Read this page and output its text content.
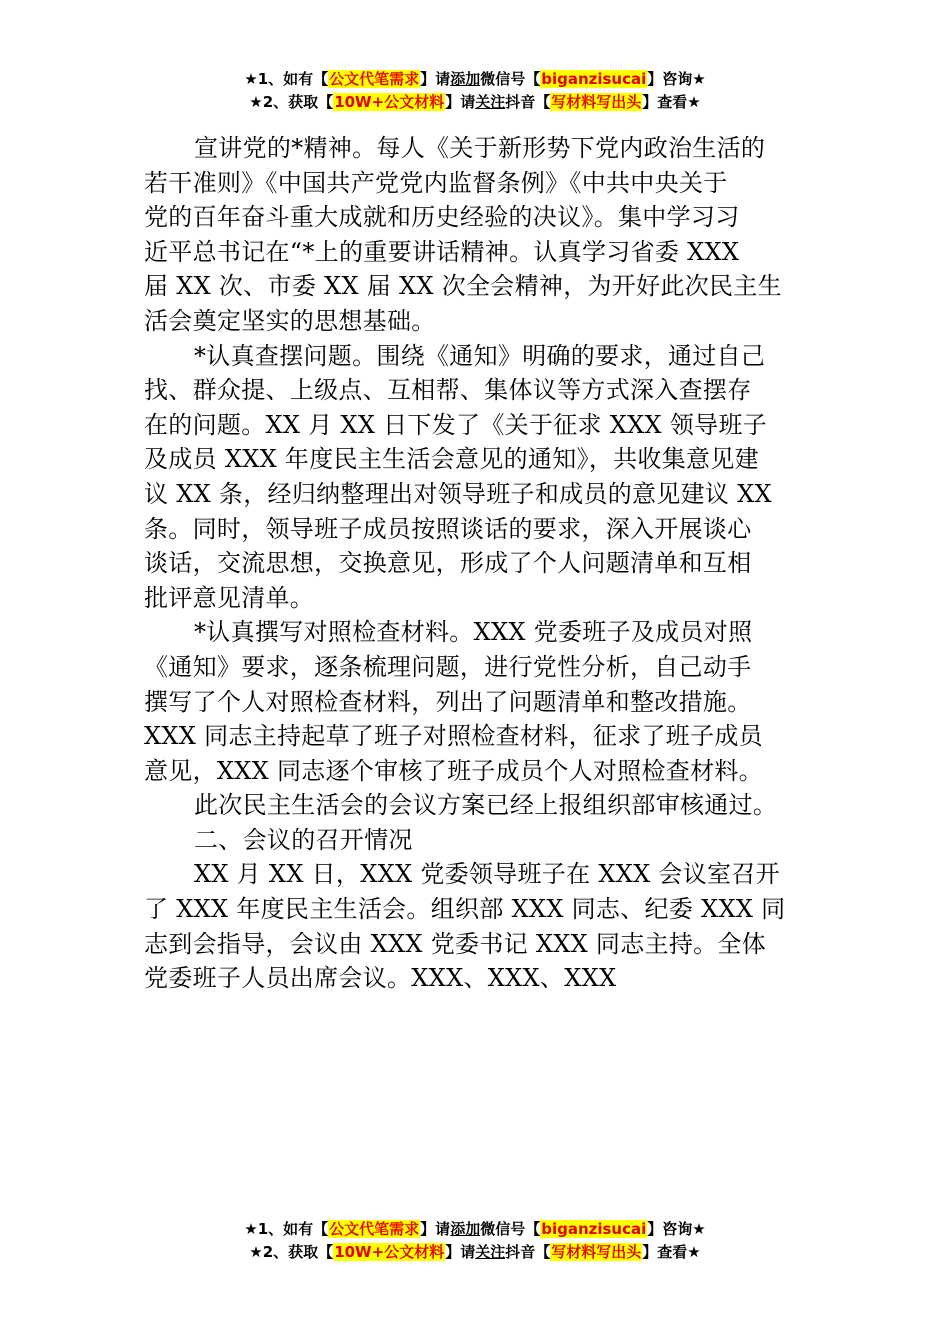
★1、如有【公文代笔需求】请添加微信号【biganzisucai】咨询★
★2、获取【10W+公文材料】请关注抖音【写材料写出头】查看★

宣讲党的*精神。每人《关于新形势下党内政治生活的

若干准则》《中国共产党党内监督条例》《中共中央关于

党的百年奋斗重大成就和历史经验的决议》。集中学习习

近平总书记在“*上的重要讲话精神。认真学习省委 XXX

届 XX 次、市委 XX 届 XX 次全会精神，为开好此次民主生

活会奠定坚实的思想基础。

*认真查摆问题。围绕《通知》明确的要求，通过自己

找、群众提、上级点、互相帮、集体议等方式深入查摆存

在的问题。XX 月 XX 日下发了《关于征求 XXX 领导班子

及成员 XXX 年度民主生活会意见的通知》，共收集意见建

议 XX 条，经归纳整理出对领导班子和成员的意见建议 XX

条。同时，领导班子成员按照谈话的要求，深入开展谈心

谈话，交流思想，交换意见，形成了个人问题清单和互相

批评意见清单。

*认真撰写对照检查材料。XXX 党委班子及成员对照

《通知》要求，逐条梳理问题，进行党性分析，自己动手

撰写了个人对照检查材料，列出了问题清单和整改措施。

XXX 同志主持起草了班子对照检查材料，征求了班子成员

意见，XXX 同志逐个审核了班子成员个人对照检查材料。

此次民主生活会的会议方案已经上报组织部审核通过。

二、会议的召开情况

XX 月 XX 日，XXX 党委领导班子在 XXX 会议室召开

了 XXX 年度民主生活会。组织部 XXX 同志、纪委 XXX 同

志到会指导，会议由 XXX 党委书记 XXX 同志主持。全体

党委班子人员出席会议。XXX、XXX、XXX

★1、如有【公文代笔需求】请添加微信号【biganzisucai】咨询★
★2、获取【10W+公文材料】请关注抖音【写材料写出头】查看★
